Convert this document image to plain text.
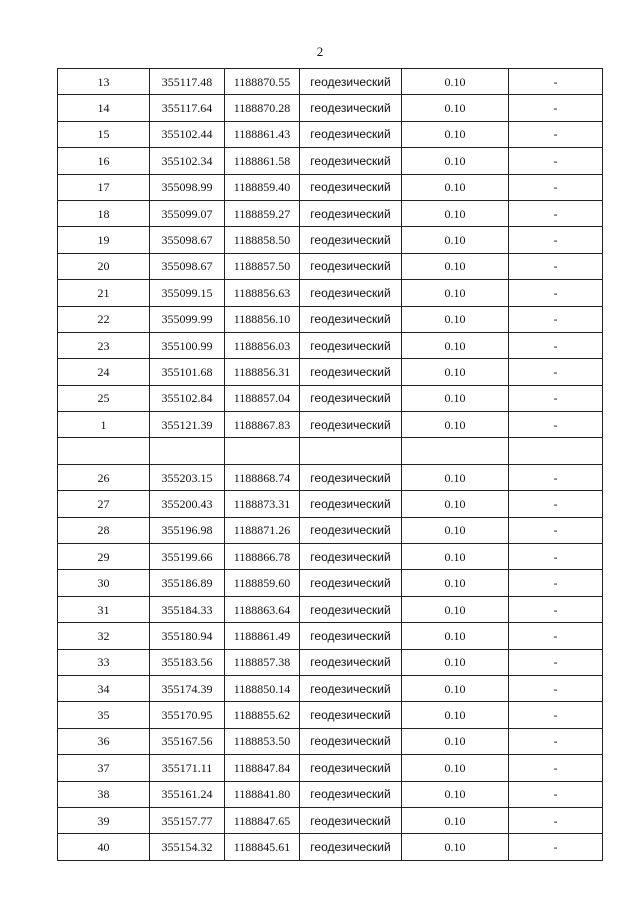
2
13	355117.48	1188870.55	геодезический	0.10	-
14	355117.64	1188870.28	геодезический	0.10	-
15	355102.44	1188861.43	геодезический	0.10	-
16	355102.34	1188861.58	геодезический	0.10	-
17	355098.99	1188859.40	геодезический	0.10	-
18	355099.07	1188859.27	геодезический	0.10	-
19	355098.67	1188858.50	геодезический	0.10	-
20	355098.67	1188857.50	геодезический	0.10	-
21	355099.15	1188856.63	геодезический	0.10	-
22	355099.99	1188856.10	геодезический	0.10	-
23	355100.99	1188856.03	геодезический	0.10	-
24	355101.68	1188856.31	геодезический	0.10	-
25	355102.84	1188857.04	геодезический	0.10	-
1	355121.39	1188867.83	геодезический	0.10	-

26	355203.15	1188868.74	геодезический	0.10	-
27	355200.43	1188873.31	геодезический	0.10	-
28	355196.98	1188871.26	геодезический	0.10	-
29	355199.66	1188866.78	геодезический	0.10	-
30	355186.89	1188859.60	геодезический	0.10	-
31	355184.33	1188863.64	геодезический	0.10	-
32	355180.94	1188861.49	геодезический	0.10	-
33	355183.56	1188857.38	геодезический	0.10	-
34	355174.39	1188850.14	геодезический	0.10	-
35	355170.95	1188855.62	геодезический	0.10	-
36	355167.56	1188853.50	геодезический	0.10	-
37	355171.11	1188847.84	геодезический	0.10	-
38	355161.24	1188841.80	геодезический	0.10	-
39	355157.77	1188847.65	геодезический	0.10	-
40	355154.32	1188845.61	геодезический	0.10	-
